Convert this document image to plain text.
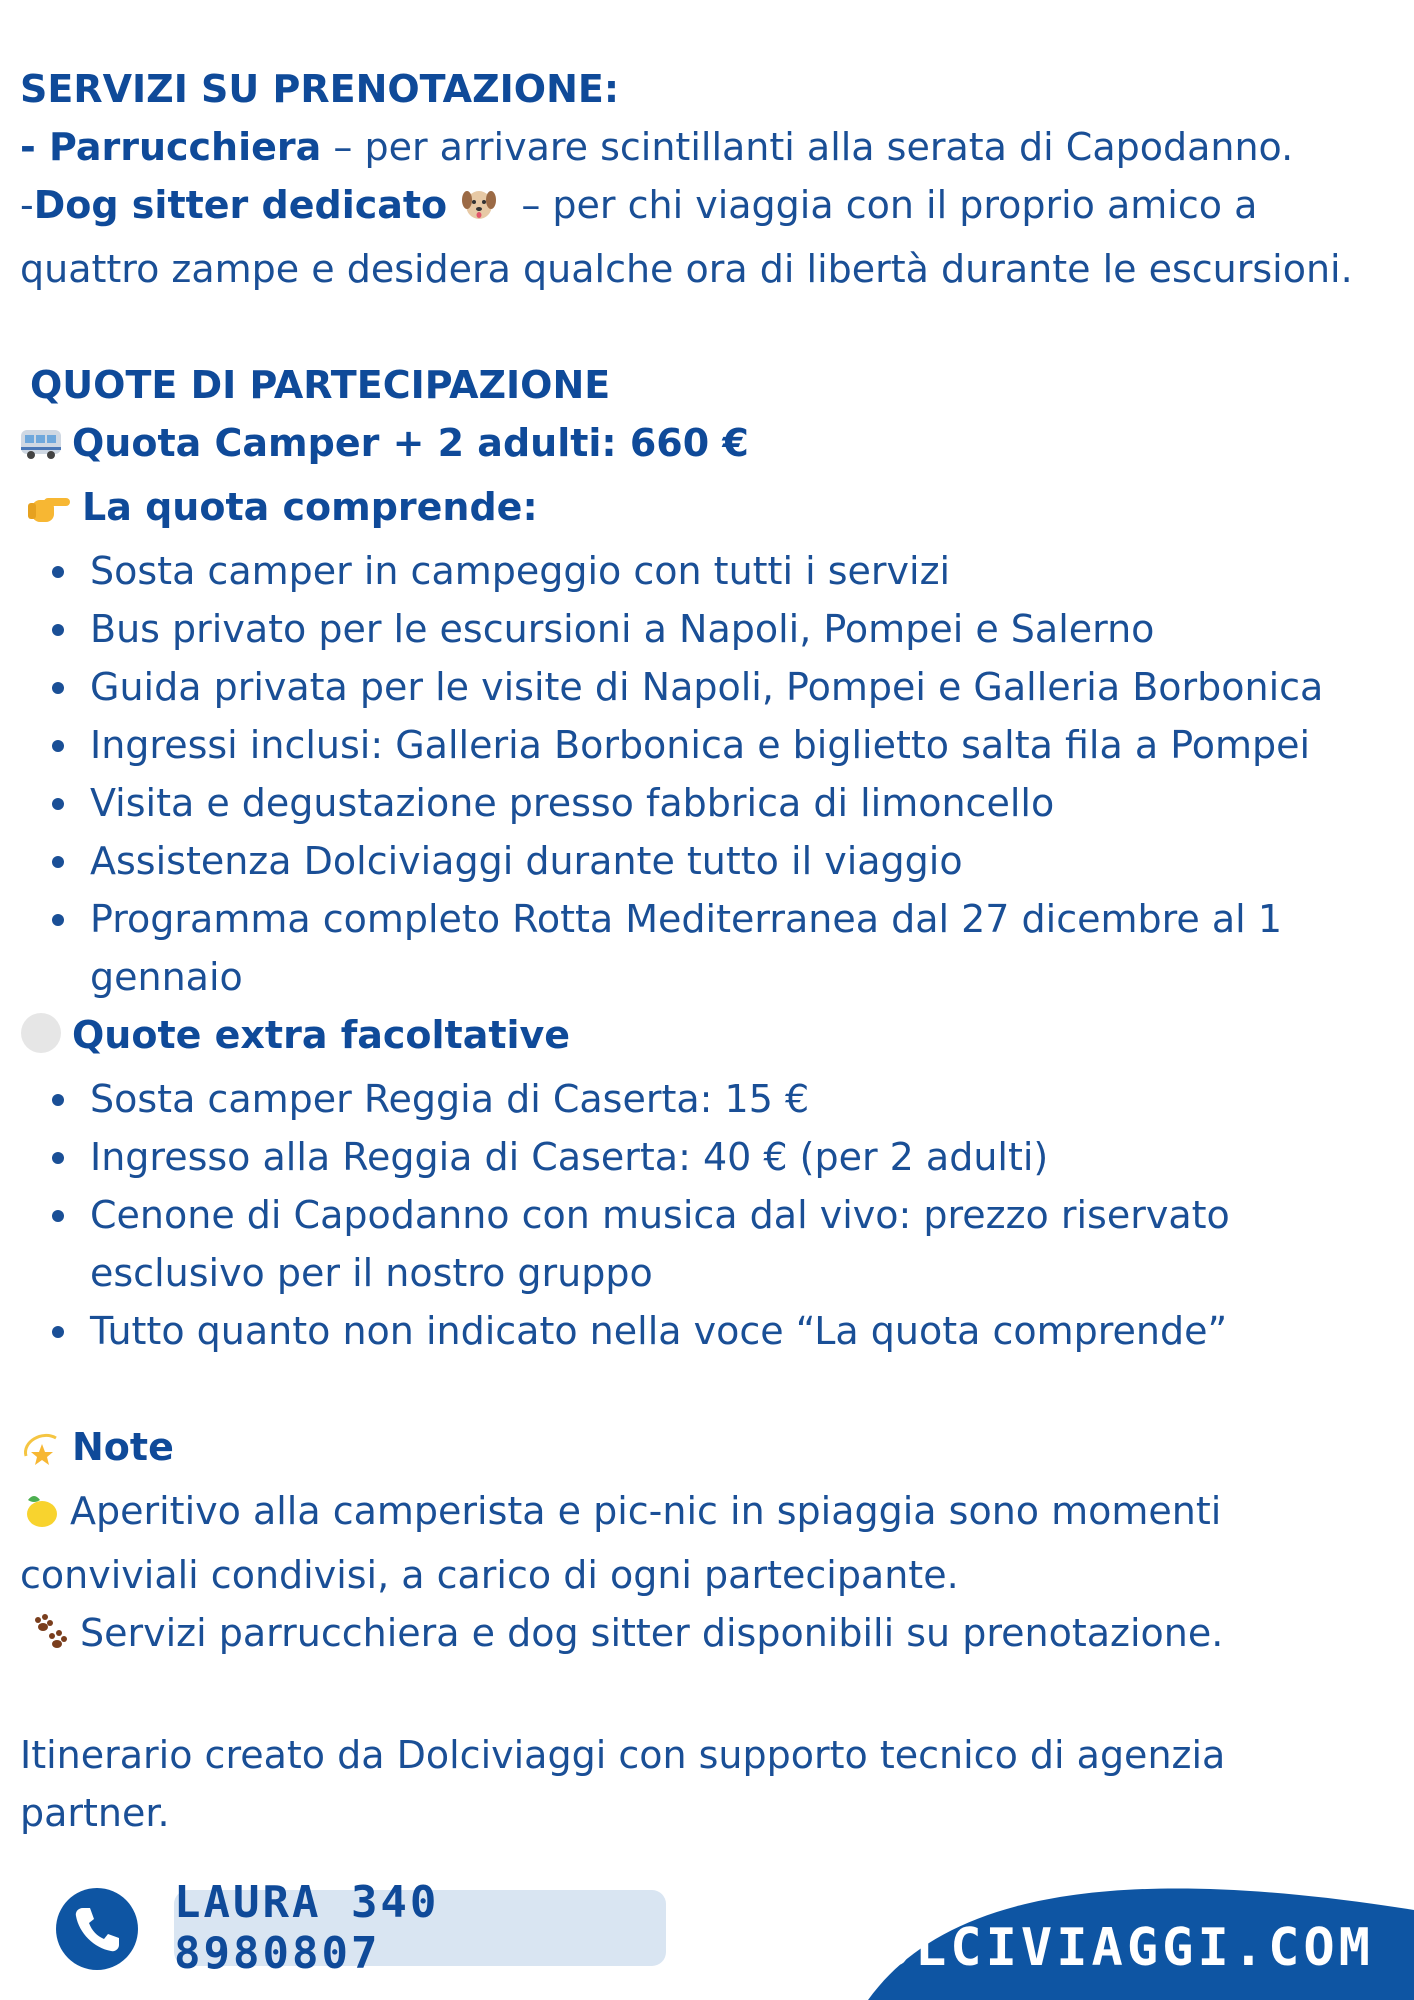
SERVIZI SU PRENOTAZIONE:
- Parrucchiera – per arrivare scintillanti alla serata di Capodanno.
-Dog sitter dedicato  – per chi viaggia con il proprio amico a quattro zampe e desidera qualche ora di libertà durante le escursioni.
QUOTE DI PARTECIPAZIONE
Quota Camper + 2 adulti: 660 €
La quota comprende:
Sosta camper in campeggio con tutti i servizi
Bus privato per le escursioni a Napoli, Pompei e Salerno
Guida privata per le visite di Napoli, Pompei e Galleria Borbonica
Ingressi inclusi: Galleria Borbonica e biglietto salta fila a Pompei
Visita e degustazione presso fabbrica di limoncello
Assistenza Dolciviaggi durante tutto il viaggio
Programma completo Rotta Mediterranea dal 27 dicembre al 1 gennaio
Quote extra facoltative
Sosta camper Reggia di Caserta: 15 €
Ingresso alla Reggia di Caserta: 40 € (per 2 adulti)
Cenone di Capodanno con musica dal vivo: prezzo riservato esclusivo per il nostro gruppo
Tutto quanto non indicato nella voce “La quota comprende”
Note
Aperitivo alla camperista e pic-nic in spiaggia sono momenti conviviali condivisi, a carico di ogni partecipante.
Servizi parrucchiera e dog sitter disponibili su prenotazione.
Itinerario creato da Dolciviaggi con supporto tecnico di agenzia partner.
LAURA 340 8980807	DOLCIVIAGGI.COM
